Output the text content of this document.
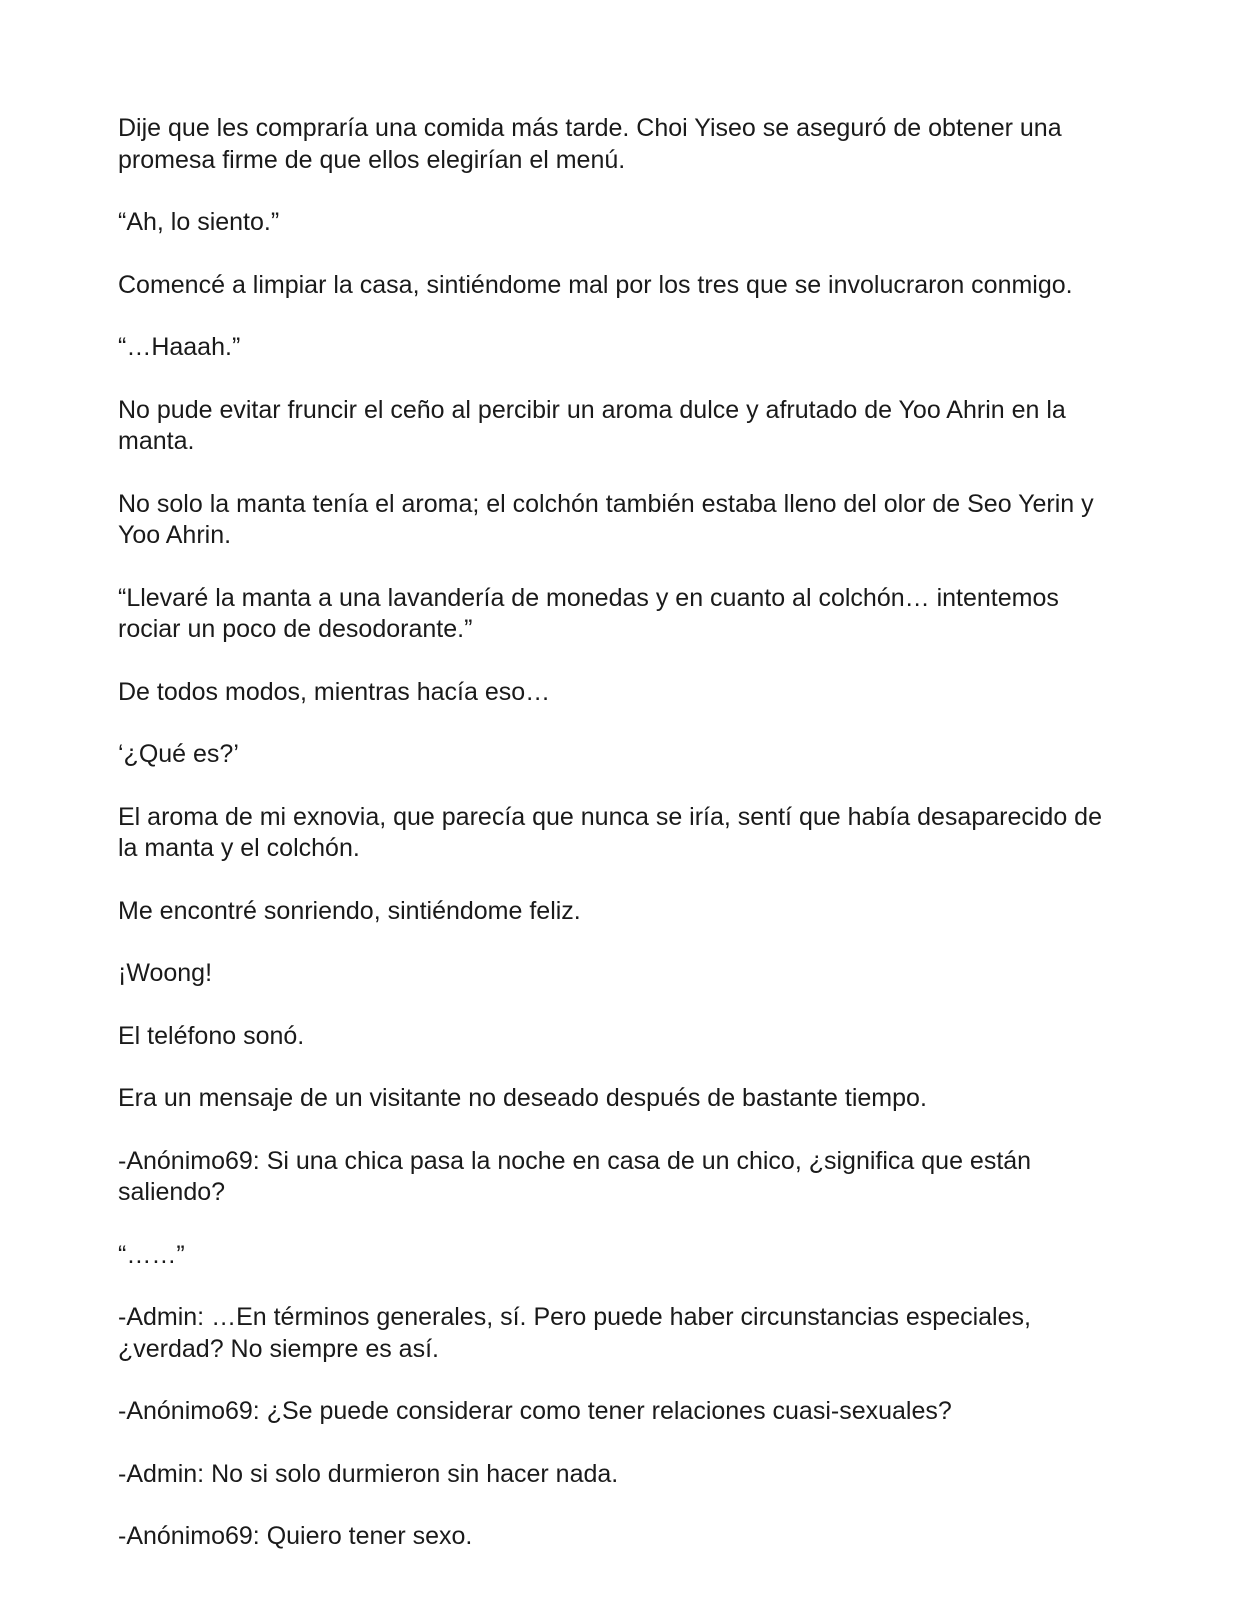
Dije que les compraría una comida más tarde. Choi Yiseo se aseguró de obtener una promesa firme de que ellos elegirían el menú.

“Ah, lo siento.”

Comencé a limpiar la casa, sintiéndome mal por los tres que se involucraron conmigo.

“…Haaah.”

No pude evitar fruncir el ceño al percibir un aroma dulce y afrutado de Yoo Ahrin en la manta.

No solo la manta tenía el aroma; el colchón también estaba lleno del olor de Seo Yerin y Yoo Ahrin.

“Llevaré la manta a una lavandería de monedas y en cuanto al colchón… intentemos rociar un poco de desodorante.”

De todos modos, mientras hacía eso…

‘¿Qué es?’

El aroma de mi exnovia, que parecía que nunca se iría, sentí que había desaparecido de la manta y el colchón.

Me encontré sonriendo, sintiéndome feliz.

¡Woong!

El teléfono sonó.

Era un mensaje de un visitante no deseado después de bastante tiempo.

-Anónimo69: Si una chica pasa la noche en casa de un chico, ¿significa que están saliendo?

“……”

-Admin: …En términos generales, sí. Pero puede haber circunstancias especiales, ¿verdad? No siempre es así.

-Anónimo69: ¿Se puede considerar como tener relaciones cuasi-sexuales?

-Admin: No si solo durmieron sin hacer nada.

-Anónimo69: Quiero tener sexo.
